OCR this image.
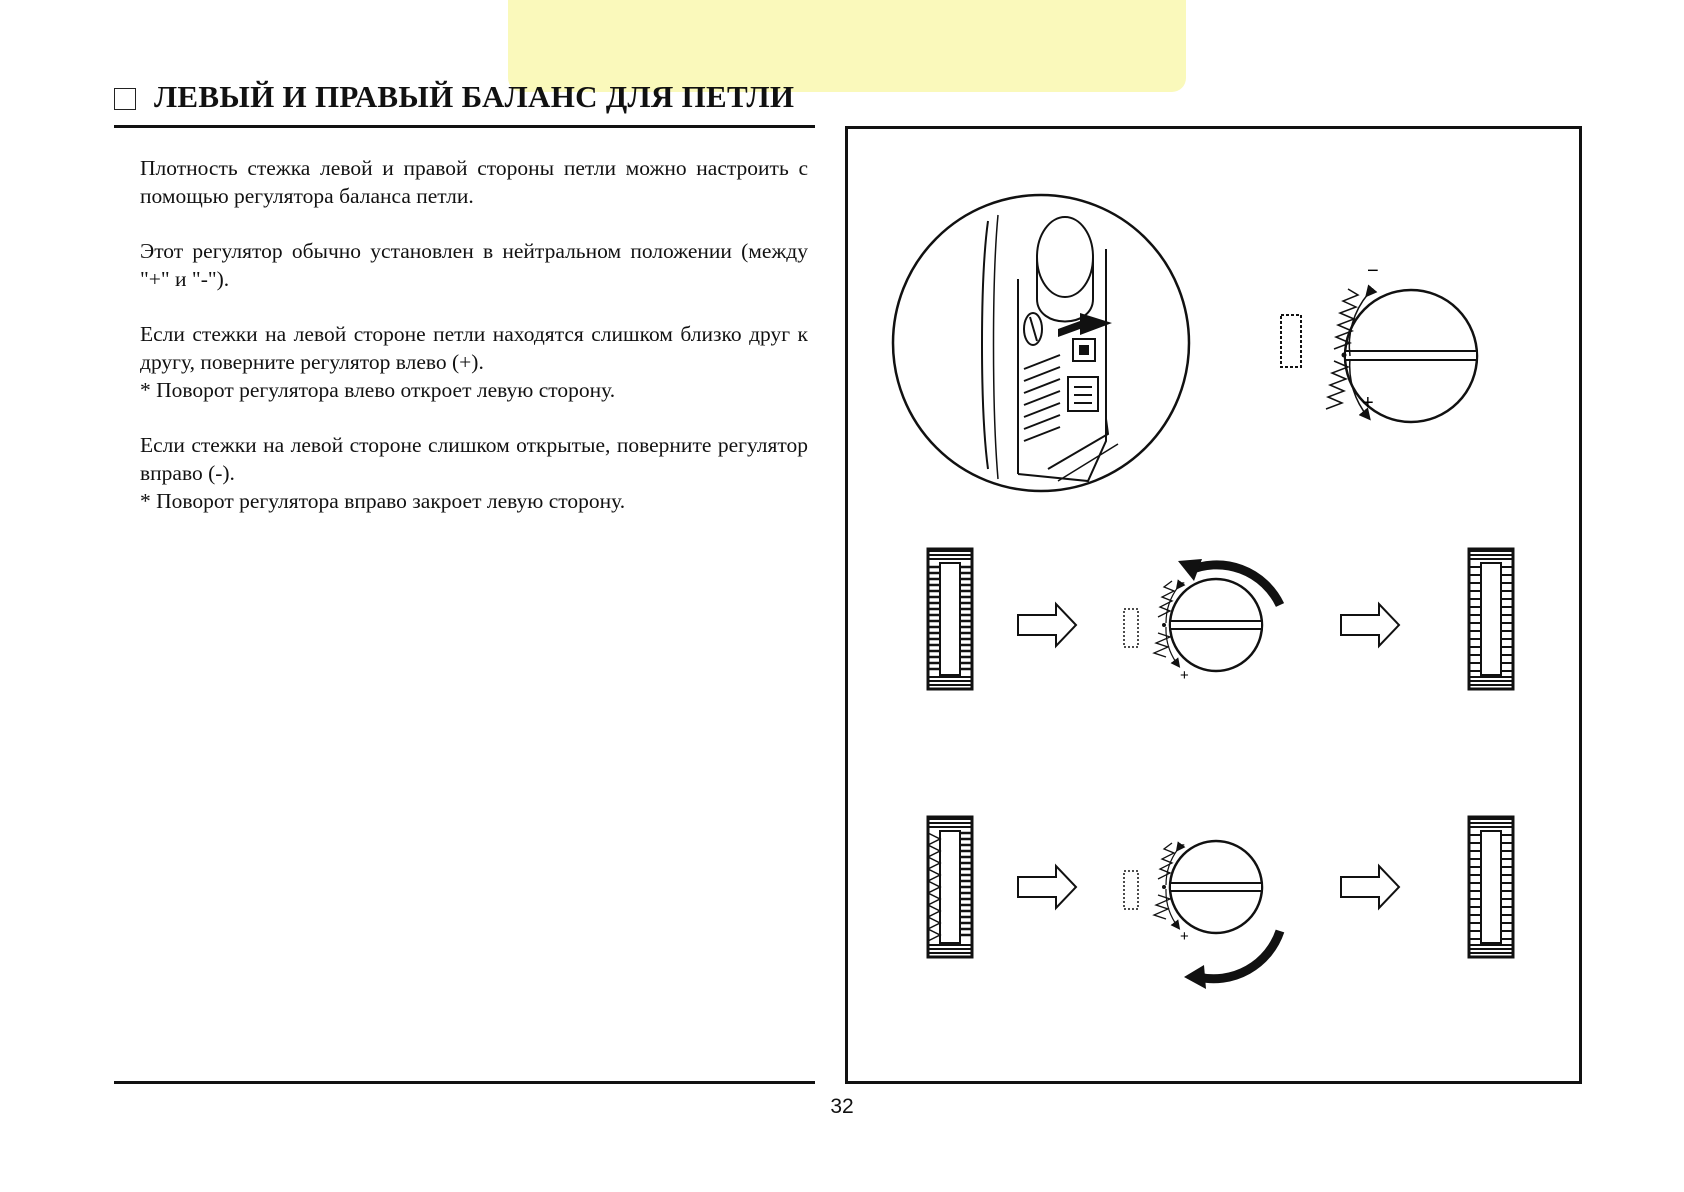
ЛЕВЫЙ И ПРАВЫЙ БАЛАНС ДЛЯ ПЕТЛИ

Плотность стежка левой и правой стороны петли можно настроить с помощью регулятора баланса петли.

Этот регулятор обычно установлен в нейтральном положении (между "+" и "-").

Если стежки на левой стороне петли находятся слишком близко друг к другу, поверните регулятор влево (+).
* Поворот регулятора влево откроет левую сторону.

Если стежки на левой стороне слишком открытые, поверните регулятор вправо (-).
* Поворот регулятора вправо закроет левую сторону.

−
+
-
+
-
+
32
